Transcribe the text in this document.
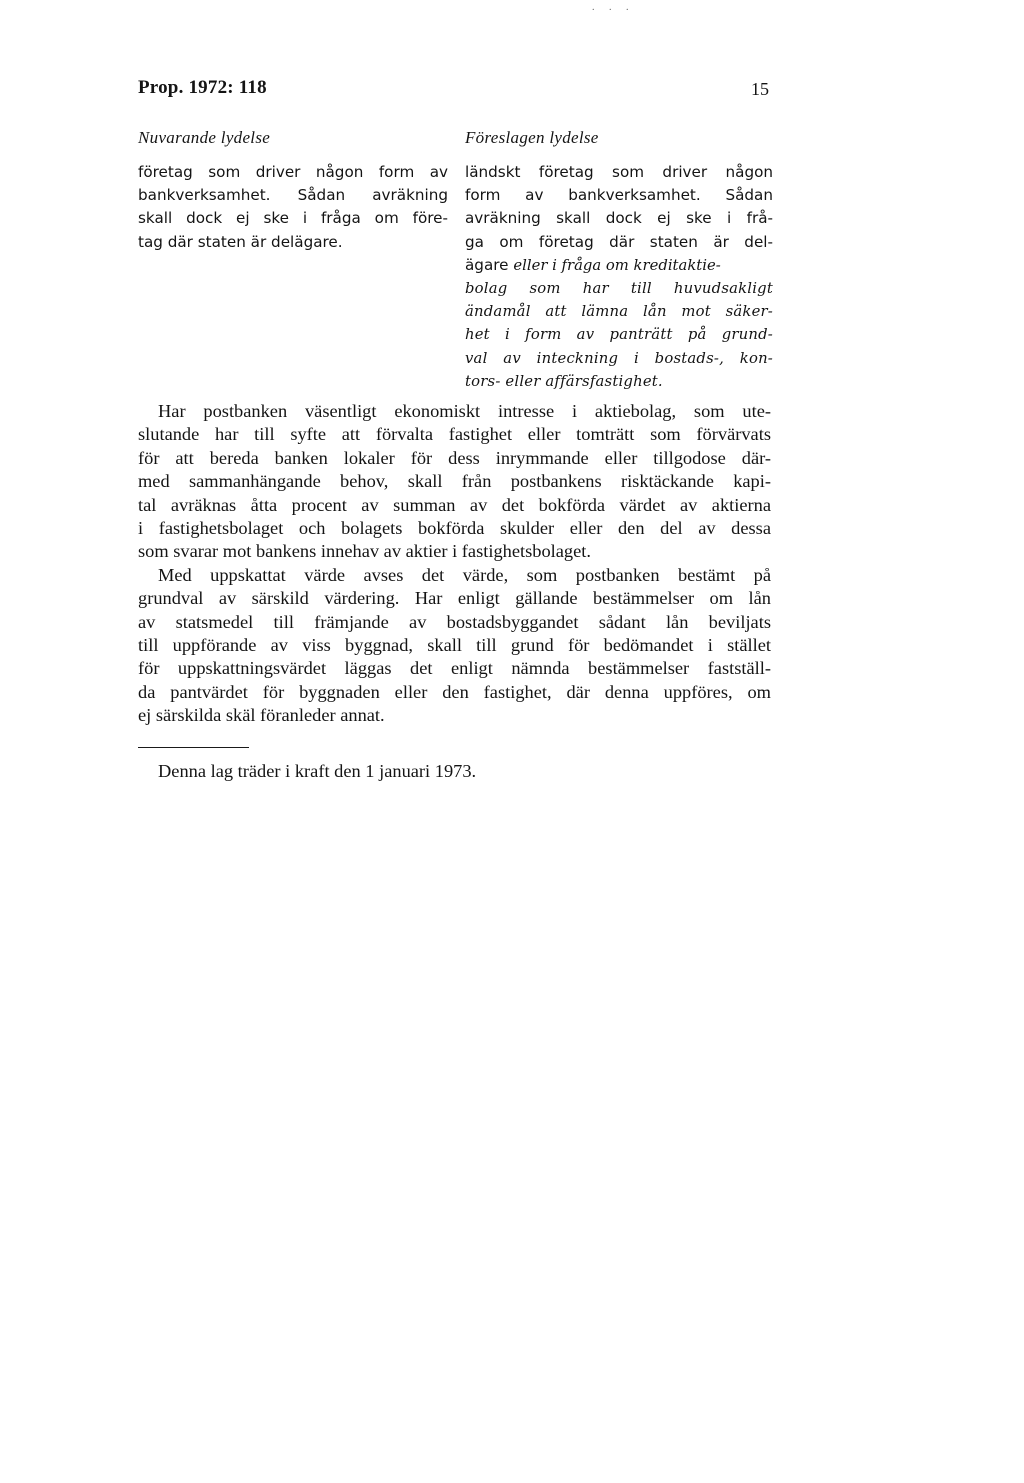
. . .
Prop. 1972: 118	15
Nuvarande lydelse
företag som driver någon form av
bankverksamhet. Sådan avräkning
skall dock ej ske i fråga om före-
tag där staten är delägare.
Föreslagen lydelse
ländskt företag som driver någon
form av bankverksamhet. Sådan
avräkning skall dock ej ske i frå-
ga om företag där staten är del-
ägare eller i fråga om kreditaktie-
bolag som har till huvudsakligt
ändamål att lämna lån mot säker-
het i form av panträtt på grund-
val av inteckning i bostads-, kon-
tors- eller affärsfastighet.
Har postbanken väsentligt ekonomiskt intresse i aktiebolag, som ute-
slutande har till syfte att förvalta fastighet eller tomträtt som förvärvats
för att bereda banken lokaler för dess inrymmande eller tillgodose där-
med sammanhängande behov, skall från postbankens risktäckande kapi-
tal avräknas åtta procent av summan av det bokförda värdet av aktierna
i fastighetsbolaget och bolagets bokförda skulder eller den del av dessa
som svarar mot bankens innehav av aktier i fastighetsbolaget.
Med uppskattat värde avses det värde, som postbanken bestämt på
grundval av särskild värdering. Har enligt gällande bestämmelser om lån
av statsmedel till främjande av bostadsbyggandet sådant lån beviljats
till uppförande av viss byggnad, skall till grund för bedömandet i stället
för uppskattningsvärdet läggas det enligt nämnda bestämmelser fastställ-
da pantvärdet för byggnaden eller den fastighet, där denna uppföres, om
ej särskilda skäl föranleder annat.
Denna lag träder i kraft den 1 januari 1973.
